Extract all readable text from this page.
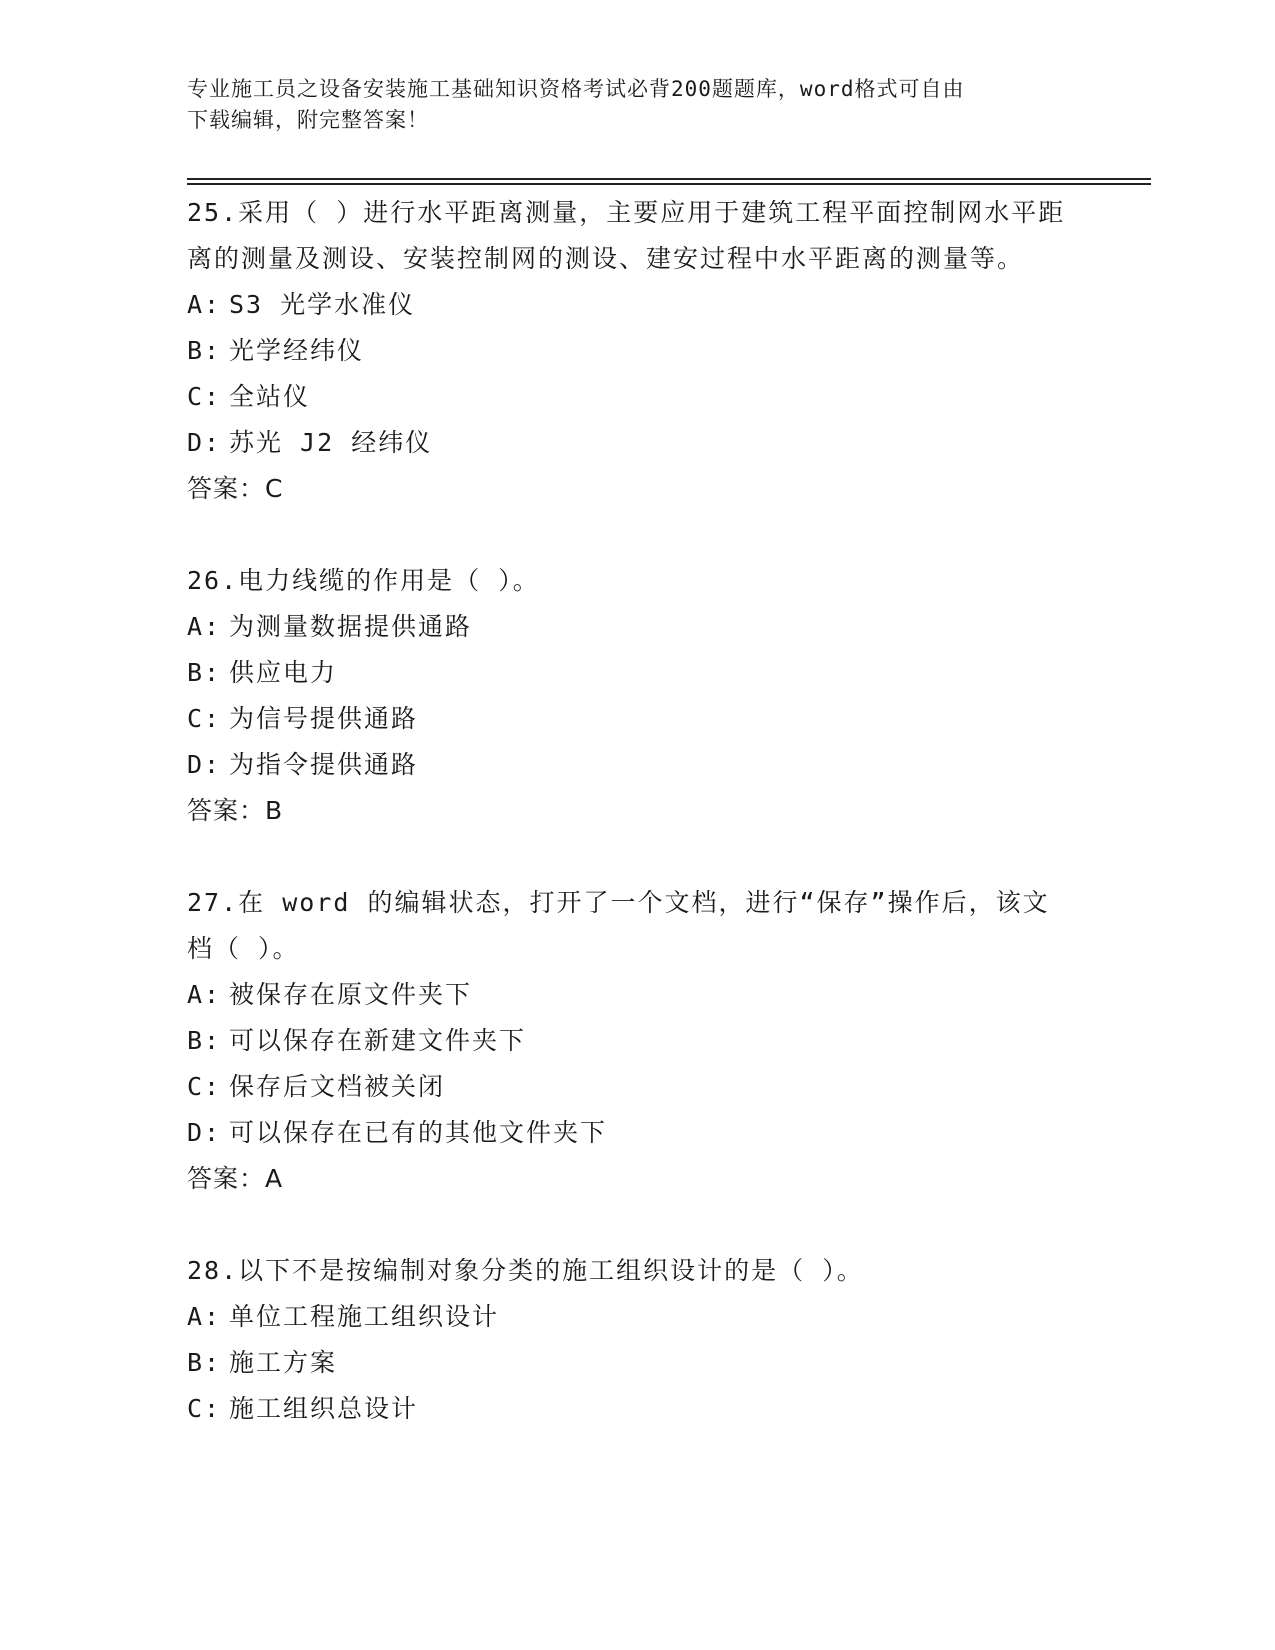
专业施工员之设备安装施工基础知识资格考试必背200题题库，word格式可自由
下载编辑，附完整答案！
25.采用（ ）进行水平距离测量，主要应用于建筑工程平面控制网水平距离的测量及测设、安装控制网的测设、建安过程中水平距离的测量等。
A: S3 光学水准仪
B: 光学经纬仪
C: 全站仪
D: 苏光 J2 经纬仪
答案：C
26.电力线缆的作用是（ ）。
A: 为测量数据提供通路
B: 供应电力
C: 为信号提供通路
D: 为指令提供通路
答案：B
27.在 word 的编辑状态，打开了一个文档，进行“保存”操作后，该文档（ ）。
A: 被保存在原文件夹下
B: 可以保存在新建文件夹下
C: 保存后文档被关闭
D: 可以保存在已有的其他文件夹下
答案：A
28.以下不是按编制对象分类的施工组织设计的是（ ）。
A: 单位工程施工组织设计
B: 施工方案
C: 施工组织总设计
